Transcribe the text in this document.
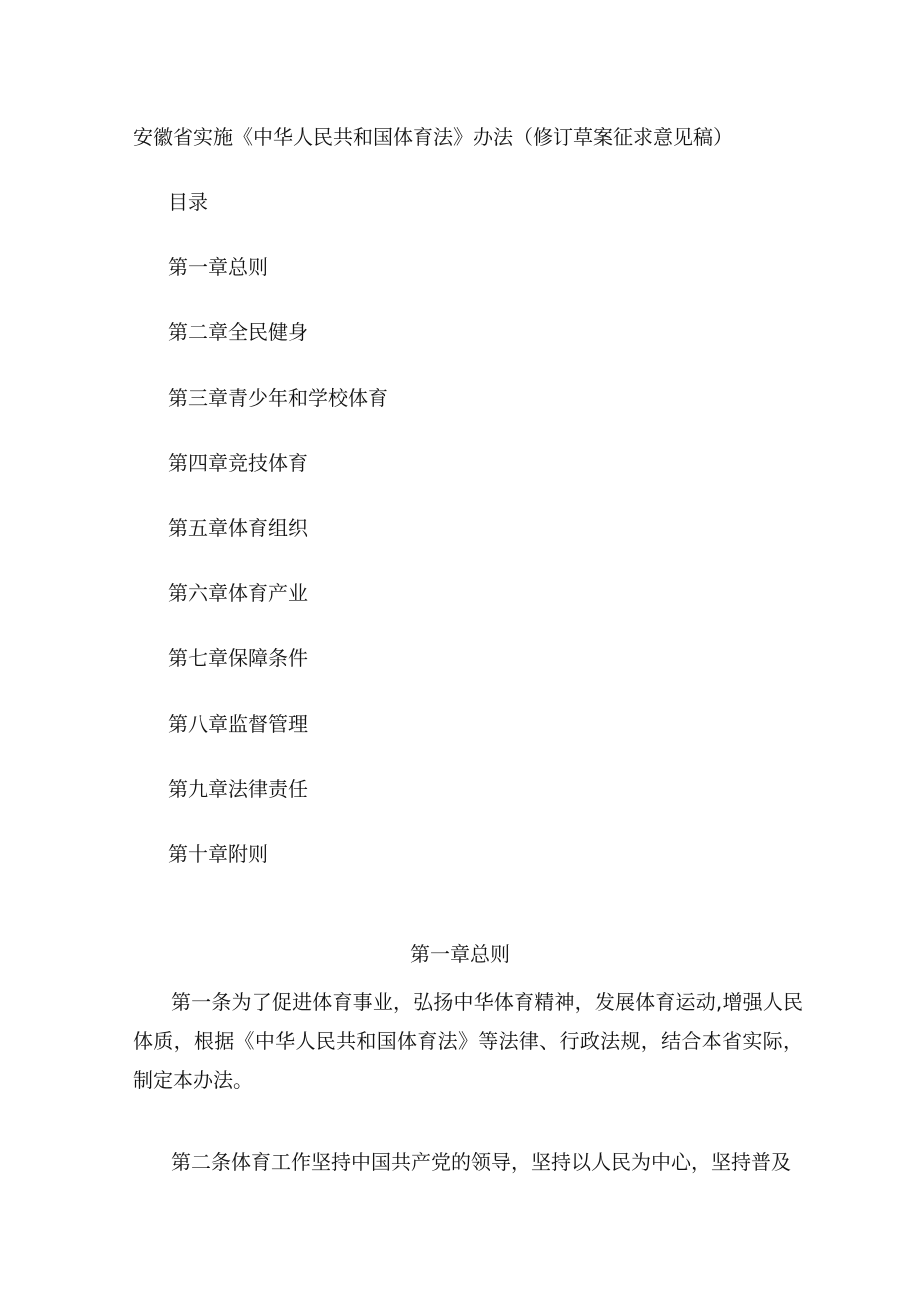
安徽省实施《中华人民共和国体育法》办法（修订草案征求意见稿）
目录
第一章总则
第二章全民健身
第三章青少年和学校体育
第四章竞技体育
第五章体育组织
第六章体育产业
第七章保障条件
第八章监督管理
第九章法律责任
第十章附则
第一章总则

第一条为了促进体育事业，弘扬中华体育精神，发展体育运动,增强人民体质，根据《中华人民共和国体育法》等法律、行政法规，结合本省实际，制定本办法。

第二条体育工作坚持中国共产党的领导，坚持以人民为中心，坚持普及
